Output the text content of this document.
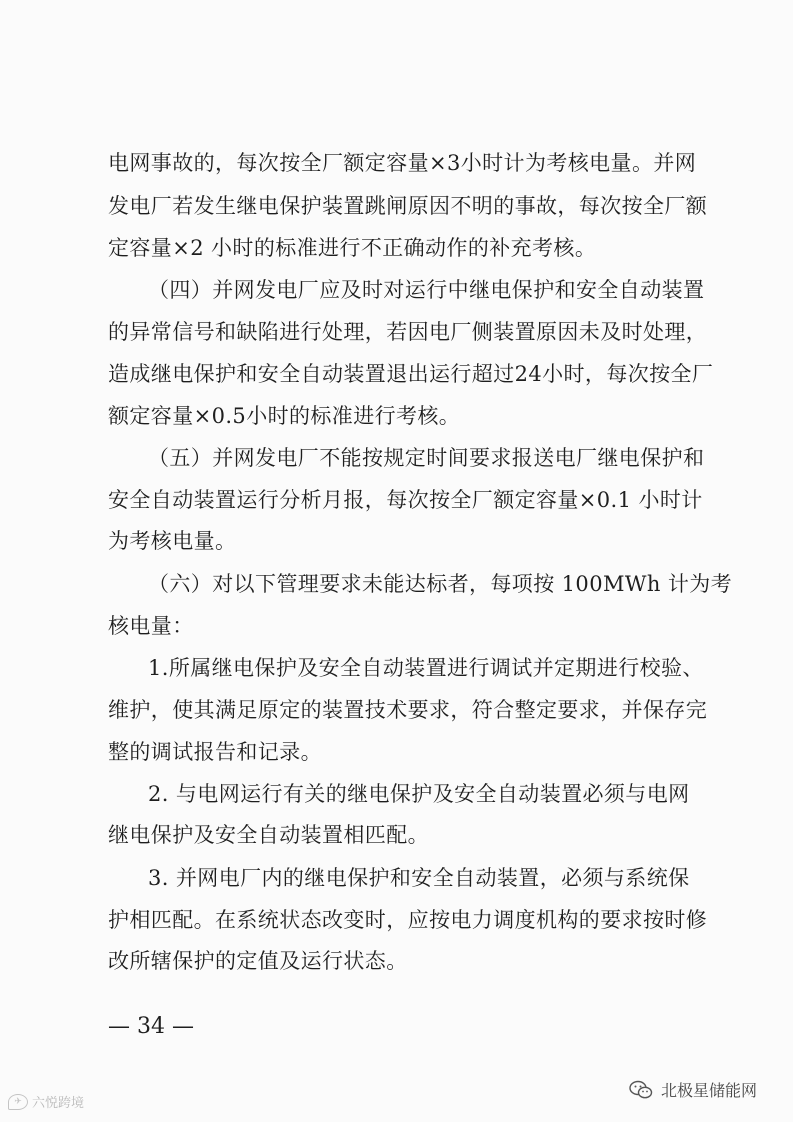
电网事故的，每次按全厂额定容量×3小时计为考核电量。并网
发电厂若发生继电保护装置跳闸原因不明的事故，每次按全厂额
定容量×2 小时的标准进行不正确动作的补充考核。
（四）并网发电厂应及时对运行中继电保护和安全自动装置
的异常信号和缺陷进行处理，若因电厂侧装置原因未及时处理，
造成继电保护和安全自动装置退出运行超过24小时，每次按全厂
额定容量×0.5小时的标准进行考核。
（五）并网发电厂不能按规定时间要求报送电厂继电保护和
安全自动装置运行分析月报，每次按全厂额定容量×0.1 小时计
为考核电量。
（六）对以下管理要求未能达标者，每项按 100MWh 计为考
核电量：
1.所属继电保护及安全自动装置进行调试并定期进行校验、
维护，使其满足原定的装置技术要求，符合整定要求，并保存完
整的调试报告和记录。
2. 与电网运行有关的继电保护及安全自动装置必须与电网
继电保护及安全自动装置相匹配。
3. 并网电厂内的继电保护和安全自动装置，必须与系统保
护相匹配。在系统状态改变时，应按电力调度机构的要求按时修
改所辖保护的定值及运行状态。
— 34 —
✈ 六悦跨境
北极星储能网
